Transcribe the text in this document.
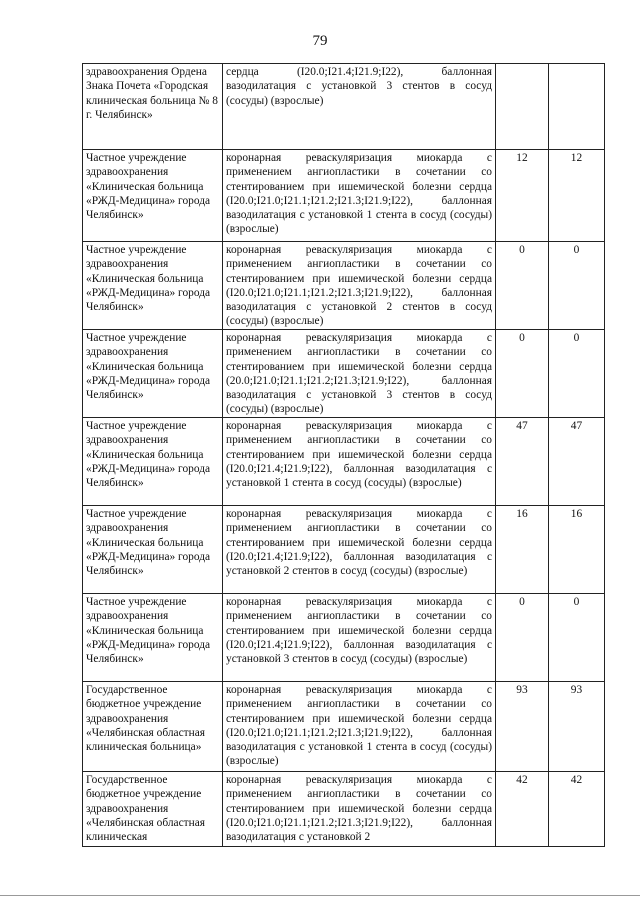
79
здравоохранения Ордена Знака Почета «Городская клиническая больница № 8 г. Челябинск»	сердца (I20.0;I21.4;I21.9;I22), баллонная вазодилатация с установкой 3 стентов в сосуд (сосуды) (взрослые)		
Частное учреждение здравоохранения «Клиническая больница «РЖД-Медицина» города Челябинск»	коронарная реваскуляризация миокарда с применением ангиопластики в сочетании со стентированием при ишемической болезни сердца (I20.0;I21.0;I21.1;I21.2;I21.3;I21.9;I22), баллонная вазодилатация с установкой 1 стента в сосуд (сосуды) (взрослые)	12	12
Частное учреждение здравоохранения «Клиническая больница «РЖД-Медицина» города Челябинск»	коронарная реваскуляризация миокарда с применением ангиопластики в сочетании со стентированием при ишемической болезни сердца (I20.0;I21.0;I21.1;I21.2;I21.3;I21.9;I22), баллонная вазодилатация с установкой 2 стентов в сосуд (сосуды) (взрослые)	0	0
Частное учреждение здравоохранения «Клиническая больница «РЖД-Медицина» города Челябинск»	коронарная реваскуляризация миокарда с применением ангиопластики в сочетании со стентированием при ишемической болезни сердца (20.0;I21.0;I21.1;I21.2;I21.3;I21.9;I22), баллонная вазодилатация с установкой 3 стентов в сосуд (сосуды) (взрослые)	0	0
Частное учреждение здравоохранения «Клиническая больница «РЖД-Медицина» города Челябинск»	коронарная реваскуляризация миокарда с применением ангиопластики в сочетании со стентированием при ишемической болезни сердца (I20.0;I21.4;I21.9;I22), баллонная вазодилатация с установкой 1 стента в сосуд (сосуды) (взрослые)	47	47
Частное учреждение здравоохранения «Клиническая больница «РЖД-Медицина» города Челябинск»	коронарная реваскуляризация миокарда с применением ангиопластики в сочетании со стентированием при ишемической болезни сердца (I20.0;I21.4;I21.9;I22), баллонная вазодилатация с установкой 2 стентов в сосуд (сосуды) (взрослые)	16	16
Частное учреждение здравоохранения «Клиническая больница «РЖД-Медицина» города Челябинск»	коронарная реваскуляризация миокарда с применением ангиопластики в сочетании со стентированием при ишемической болезни сердца (I20.0;I21.4;I21.9;I22), баллонная вазодилатация с установкой 3 стентов в сосуд (сосуды) (взрослые)	0	0
Государственное бюджетное учреждение здравоохранения «Челябинская областная клиническая больница»	коронарная реваскуляризация миокарда с применением ангиопластики в сочетании со стентированием при ишемической болезни сердца (I20.0;I21.0;I21.1;I21.2;I21.3;I21.9;I22), баллонная вазодилатация с установкой 1 стента в сосуд (сосуды) (взрослые)	93	93
Государственное бюджетное учреждение здравоохранения «Челябинская областная клиническая	коронарная реваскуляризация миокарда с применением ангиопластики в сочетании со стентированием при ишемической болезни сердца (I20.0;I21.0;I21.1;I21.2;I21.3;I21.9;I22), баллонная вазодилатация с установкой 2	42	42
